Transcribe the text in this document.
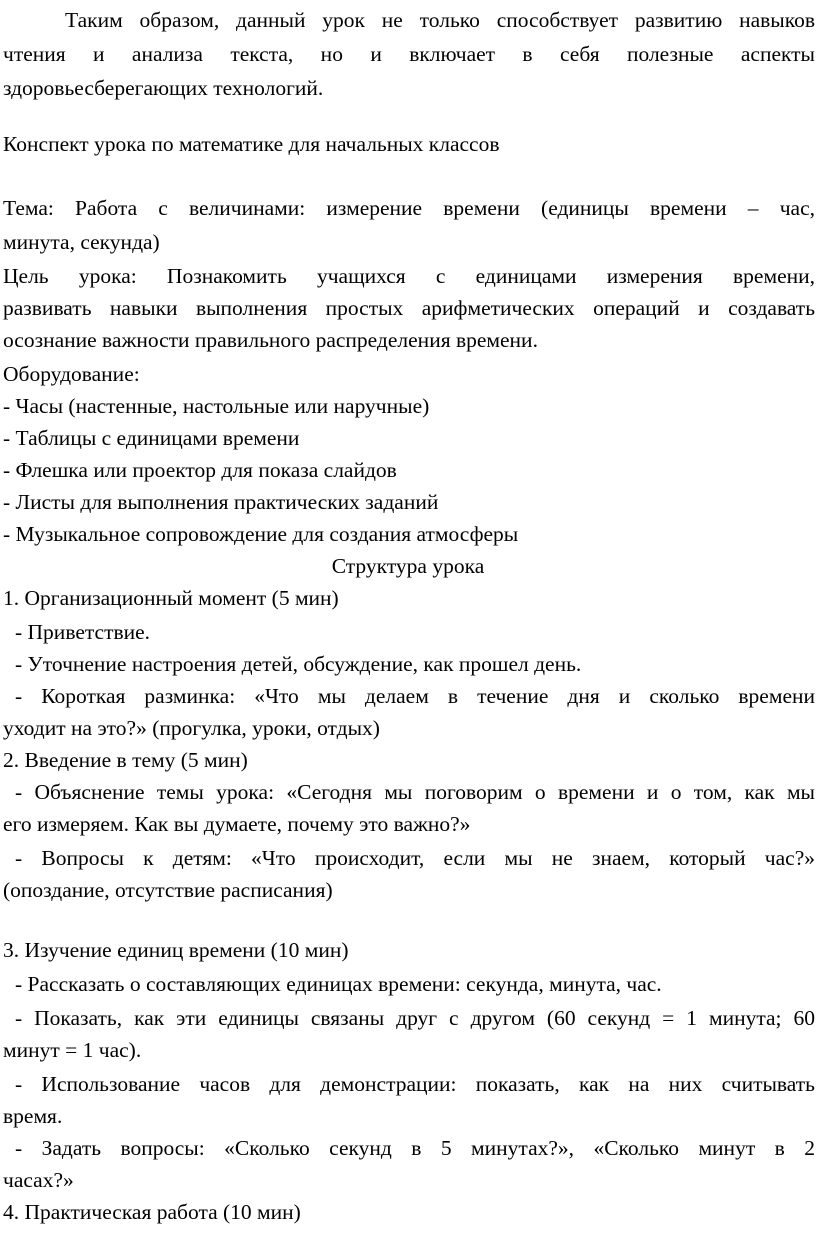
Таким образом, данный урок не только способствует развитию навыков
чтения и анализа текста, но и включает в себя полезные аспекты
здоровьесберегающих технологий.
Конспект урока по математике для начальных классов
Тема: Работа с величинами: измерение времени (единицы времени – час,
минута, секунда)
Цель урока: Познакомить учащихся с единицами измерения времени,
развивать навыки выполнения простых арифметических операций и создавать
осознание важности правильного распределения времени.
Оборудование:
- Часы (настенные, настольные или наручные)
- Таблицы с единицами времени
- Флешка или проектор для показа слайдов
- Листы для выполнения практических заданий
- Музыкальное сопровождение для создания атмосферы
Структура урока
1. Организационный момент (5 мин)
- Приветствие.
- Уточнение настроения детей, обсуждение, как прошел день.
- Короткая разминка: «Что мы делаем в течение дня и сколько времени
уходит на это?» (прогулка, уроки, отдых)
2. Введение в тему (5 мин)
- Объяснение темы урока: «Сегодня мы поговорим о времени и о том, как мы
его измеряем. Как вы думаете, почему это важно?»
- Вопросы к детям: «Что происходит, если мы не знаем, который час?»
(опоздание, отсутствие расписания)
3. Изучение единиц времени (10 мин)
- Рассказать о составляющих единицах времени: секунда, минута, час.
- Показать, как эти единицы связаны друг с другом (60 секунд = 1 минута; 60
минут = 1 час).
- Использование часов для демонстрации: показать, как на них считывать
время.
- Задать вопросы: «Сколько секунд в 5 минутах?», «Сколько минут в 2
часах?»
4. Практическая работа (10 мин)
